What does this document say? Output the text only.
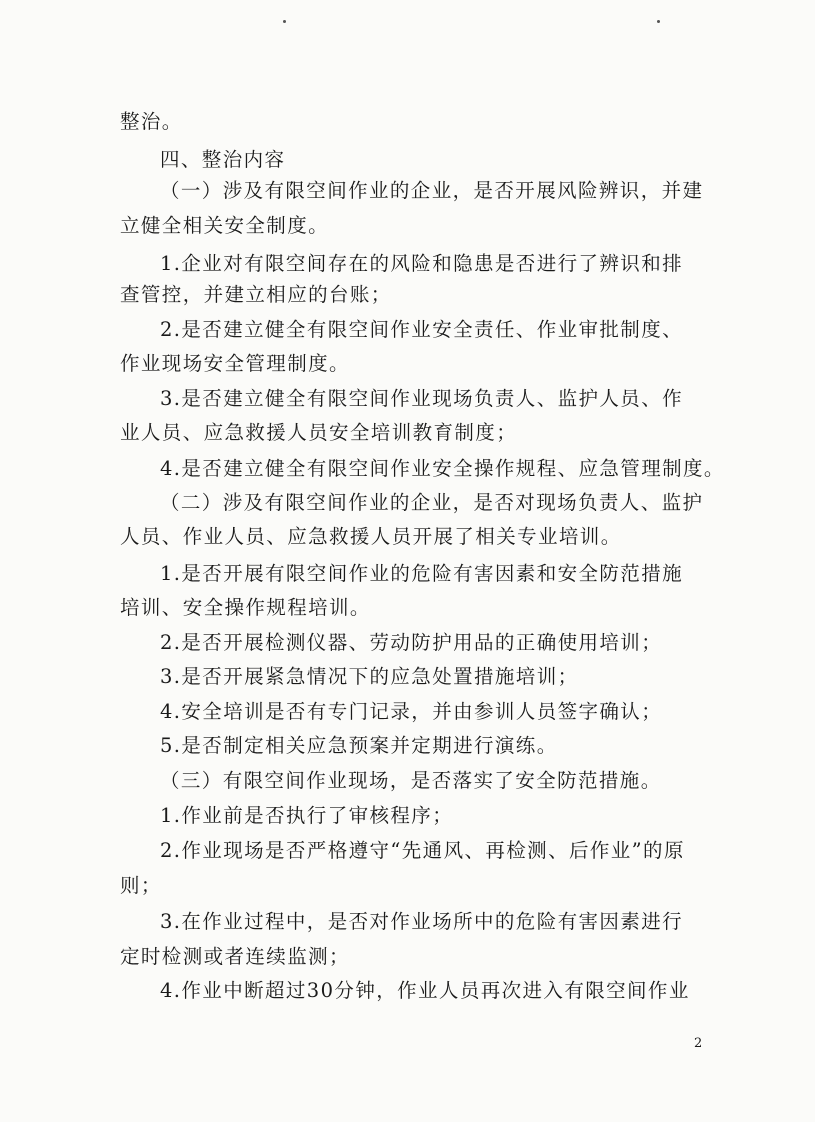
整治。
四、整治内容
（一）涉及有限空间作业的企业，是否开展风险辨识，并建
立健全相关安全制度。
1.企业对有限空间存在的风险和隐患是否进行了辨识和排
查管控，并建立相应的台账；
2.是否建立健全有限空间作业安全责任、作业审批制度、
作业现场安全管理制度。
3.是否建立健全有限空间作业现场负责人、监护人员、作
业人员、应急救援人员安全培训教育制度；
4.是否建立健全有限空间作业安全操作规程、应急管理制度。
（二）涉及有限空间作业的企业，是否对现场负责人、监护
人员、作业人员、应急救援人员开展了相关专业培训。
1.是否开展有限空间作业的危险有害因素和安全防范措施
培训、安全操作规程培训。
2.是否开展检测仪器、劳动防护用品的正确使用培训；
3.是否开展紧急情况下的应急处置措施培训；
4.安全培训是否有专门记录，并由参训人员签字确认；
5.是否制定相关应急预案并定期进行演练。
（三）有限空间作业现场，是否落实了安全防范措施。
1.作业前是否执行了审核程序；
2.作业现场是否严格遵守“先通风、再检测、后作业”的原
则；
3.在作业过程中，是否对作业场所中的危险有害因素进行
定时检测或者连续监测；
4.作业中断超过30分钟，作业人员再次进入有限空间作业
2
